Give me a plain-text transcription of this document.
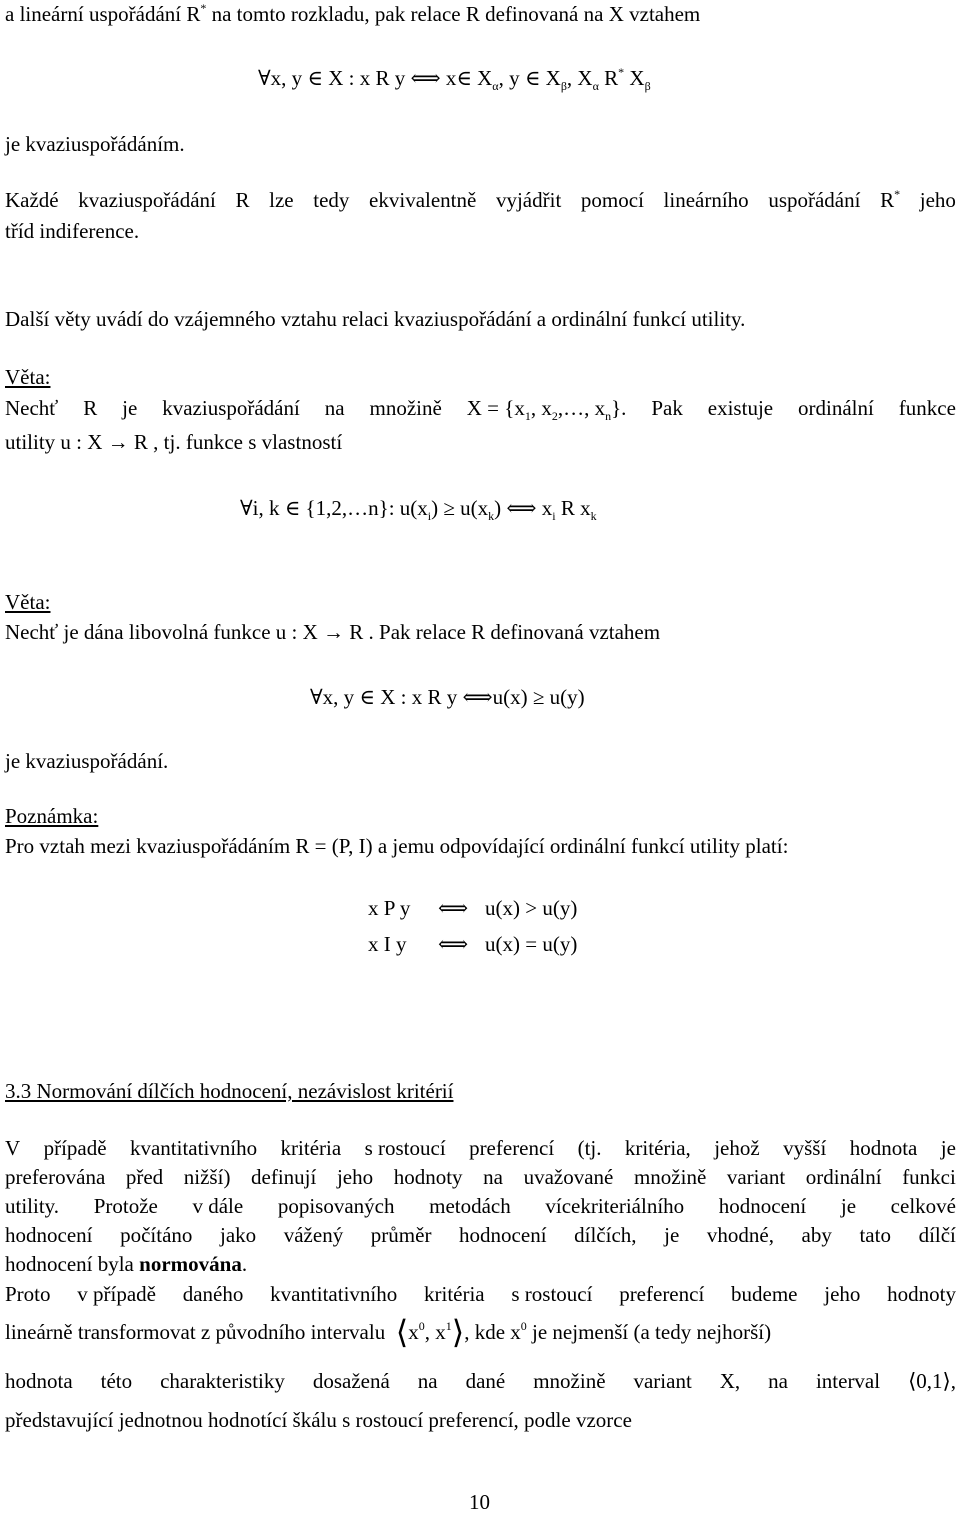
a lineární uspořádání R* na tomto rozkladu, pak relace R definovaná na X vztahem
∀x, y ∈ X : x R y ⟺ x∈ $X_\alpha$, y ∈ $X_\beta$, $X_\alpha$ R* $X_\beta$
je kvaziuspořádáním.
Každé kvaziuspořádání R lze tedy ekvivalentně vyjádřit pomocí lineárního uspořádání R* jeho
tříd indiference.
Další věty uvádí do vzájemného vztahu relaci kvaziuspořádání a ordinální funkcí utility.
Věta:
Nechť R je kvaziuspořádání na množině $X = \{x_1$, $x_2,\dots$, $x_n$}. Pak existuje ordinální funkce
utility u : X → R , tj. funkce s vlastností
∀i, k ∈ {1,2,…n}: $u(x_i) \ge u(x_k)$ ⟺ $x_i$ R $x_k$
Věta:
Nechť je dána libovolná funkce u : X → R . Pak relace R definovaná vztahem
∀x, y ∈ X : x R y ⟺u(x) ≥ u(y)
je kvaziuspořádání.
Poznámka:
Pro vztah mezi kvaziuspořádáním R = (P, I) a jemu odpovídající ordinální funkcí utility platí:
x P y ⟺ u(x) > u(y)
x I y ⟺ u(x) = u(y)
3.3 Normování dílčích hodnocení, nezávislost kritérií
V případě kvantitativního kritéria s rostoucí preferencí (tj. kritéria, jehož vyšší hodnota je
preferována před nižší) definují jeho hodnoty na uvažované množině variant ordinální funkci
utility. Protože v dále popisovaných metodách vícekriteriálního hodnocení je celkové
hodnocení počítáno jako vážený průměr hodnocení dílčích, je vhodné, aby tato dílčí
hodnocení byla normována.
Proto v případě daného kvantitativního kritéria s rostoucí preferencí budeme jeho hodnoty
lineárně transformovat z původního intervalu $⟨x^0$, $x^1⟩$, kde $x^0$ je nejmenší (a tedy nejhorší)
hodnota této charakteristiky dosažená na dané množině variant X, na interval ⟨0,1⟩,
představující jednotnou hodnotící škálu s rostoucí preferencí, podle vzorce
10
